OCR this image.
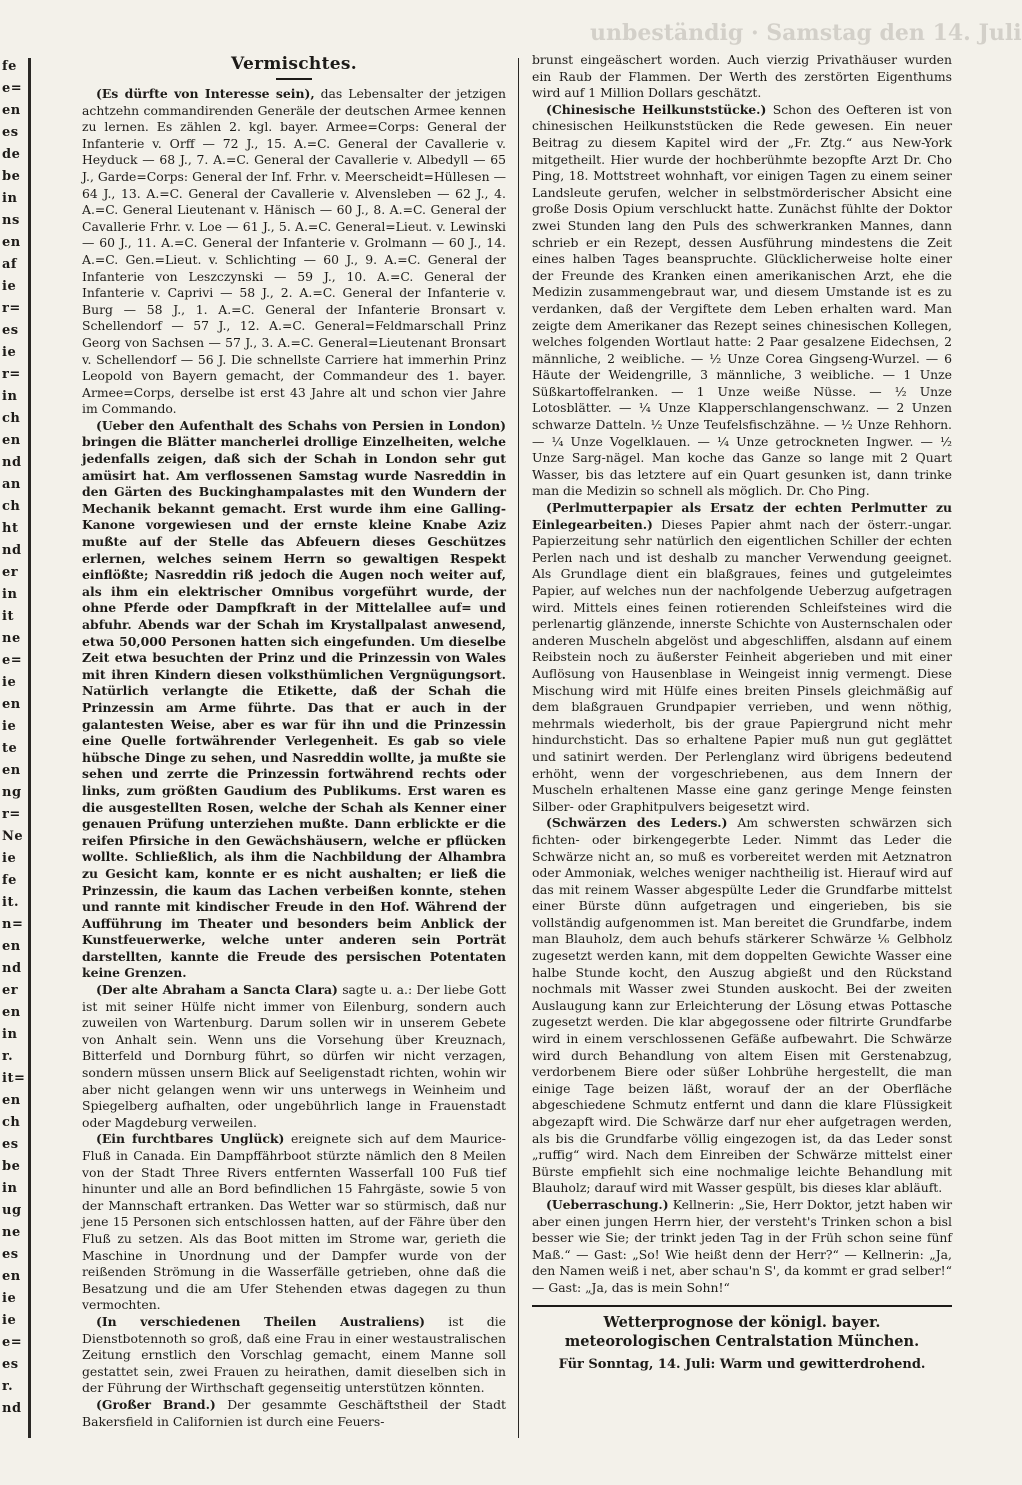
unbeständig · Samstag den 14. Juli
fe
e=
en
es
de
be
in
ns
en
af
ie
r=
es
ie
r=
in
ch
en
nd
an
ch
ht
nd
er
in
it
ne
e=
ie
en
ie
te
en
ng
r=
Ne
ie
fe
it.
n=
en
nd
er
en
in
r.
it=
en
ch
es
be
in
ug
ne
es
en
ie
ie
e=
es
r.
nd
Vermischtes.

(Es dürfte von Interesse sein), das Lebensalter der jetzigen achtzehn commandirenden Generäle der deutschen Armee kennen zu lernen. Es zählen 2. kgl. bayer. Armee=Corps: General der Infanterie v. Orff — 72 J., 15. A.=C. General der Cavallerie v. Heyduck — 68 J., 7. A.=C. General der Cavallerie v. Albedyll — 65 J., Garde=Corps: General der Inf. Frhr. v. Meerscheidt=Hüllesen — 64 J., 13. A.=C. General der Cavallerie v. Alvensleben — 62 J., 4. A.=C. General Lieutenant v. Hänisch — 60 J., 8. A.=C. General der Cavallerie Frhr. v. Loe — 61 J., 5. A.=C. General=Lieut. v. Lewinski — 60 J., 11. A.=C. General der Infanterie v. Grolmann — 60 J., 14. A.=C. Gen.=Lieut. v. Schlichting — 60 J., 9. A.=C. General der Infanterie von Leszczynski — 59 J., 10. A.=C. General der Infanterie v. Caprivi — 58 J., 2. A.=C. General der Infanterie v. Burg — 58 J., 1. A.=C. General der Infanterie Bronsart v. Schellendorf — 57 J., 12. A.=C. General=Feldmarschall Prinz Georg von Sachsen — 57 J., 3. A.=C. General=Lieutenant Bronsart v. Schellendorf — 56 J. Die schnellste Carriere hat immerhin Prinz Leopold von Bayern gemacht, der Commandeur des 1. bayer. Armee=Corps, derselbe ist erst 43 Jahre alt und schon vier Jahre im Commando.

(Ueber den Aufenthalt des Schahs von Persien in London) bringen die Blätter mancherlei drollige Einzelheiten, welche jedenfalls zeigen, daß sich der Schah in London sehr gut amüsirt hat. Am verflossenen Samstag wurde Nasreddin in den Gärten des Buckinghampalastes mit den Wundern der Mechanik bekannt gemacht. Erst wurde ihm eine Galling-Kanone vorgewiesen und der ernste kleine Knabe Aziz mußte auf der Stelle das Abfeuern dieses Geschützes erlernen, welches seinem Herrn so gewaltigen Respekt einflößte; Nasreddin riß jedoch die Augen noch weiter auf, als ihm ein elektrischer Omnibus vorgeführt wurde, der ohne Pferde oder Dampfkraft in der Mittelallee auf= und abfuhr. Abends war der Schah im Krystallpalast anwesend, etwa 50,000 Personen hatten sich eingefunden. Um dieselbe Zeit etwa besuchten der Prinz und die Prinzessin von Wales mit ihren Kindern diesen volksthümlichen Vergnügungsort. Natürlich verlangte die Etikette, daß der Schah die Prinzessin am Arme führte. Das that er auch in der galantesten Weise, aber es war für ihn und die Prinzessin eine Quelle fortwährender Verlegenheit. Es gab so viele hübsche Dinge zu sehen, und Nasreddin wollte, ja mußte sie sehen und zerrte die Prinzessin fortwährend rechts oder links, zum größten Gaudium des Publikums. Erst waren es die ausgestellten Rosen, welche der Schah als Kenner einer genauen Prüfung unterziehen mußte. Dann erblickte er die reifen Pfirsiche in den Gewächshäusern, welche er pflücken wollte. Schließlich, als ihm die Nachbildung der Alhambra zu Gesicht kam, konnte er es nicht aushalten; er ließ die Prinzessin, die kaum das Lachen verbeißen konnte, stehen und rannte mit kindischer Freude in den Hof. Während der Aufführung im Theater und besonders beim Anblick der Kunstfeuerwerke, welche unter anderen sein Porträt darstellten, kannte die Freude des persischen Potentaten keine Grenzen.

(Der alte Abraham a Sancta Clara) sagte u. a.: Der liebe Gott ist mit seiner Hülfe nicht immer von Eilenburg, sondern auch zuweilen von Wartenburg. Darum sollen wir in unserem Gebete von Anhalt sein. Wenn uns die Vorsehung über Kreuznach, Bitterfeld und Dornburg führt, so dürfen wir nicht verzagen, sondern müssen unsern Blick auf Seeligenstadt richten, wohin wir aber nicht gelangen wenn wir uns unterwegs in Weinheim und Spiegelberg aufhalten, oder ungebührlich lange in Frauenstadt oder Magdeburg verweilen.

(Ein furchtbares Unglück) ereignete sich auf dem Maurice-Fluß in Canada. Ein Dampffährboot stürzte nämlich den 8 Meilen von der Stadt Three Rivers entfernten Wasserfall 100 Fuß tief hinunter und alle an Bord befindlichen 15 Fahrgäste, sowie 5 von der Mannschaft ertranken. Das Wetter war so stürmisch, daß nur jene 15 Personen sich entschlossen hatten, auf der Fähre über den Fluß zu setzen. Als das Boot mitten im Strome war, gerieth die Maschine in Unordnung und der Dampfer wurde von der reißenden Strömung in die Wasserfälle getrieben, ohne daß die Besatzung und die am Ufer Stehenden etwas dagegen zu thun vermochten.

(In verschiedenen Theilen Australiens) ist die Dienstbotennoth so groß, daß eine Frau in einer westaustralischen Zeitung ernstlich den Vorschlag gemacht, einem Manne soll gestattet sein, zwei Frauen zu heirathen, damit dieselben sich in der Führung der Wirthschaft gegenseitig unterstützen könnten.

(Großer Brand.) Der gesammte Geschäftstheil der Stadt Bakersfield in Californien ist durch eine Feuers-

brunst eingeäschert worden. Auch vierzig Privathäuser wurden ein Raub der Flammen. Der Werth des zerstörten Eigenthums wird auf 1 Million Dollars geschätzt.

(Chinesische Heilkunststücke.) Schon des Oefteren ist von chinesischen Heilkunststücken die Rede gewesen. Ein neuer Beitrag zu diesem Kapitel wird der „Fr. Ztg.“ aus New-York mitgetheilt. Hier wurde der hochberühmte bezopfte Arzt Dr. Cho Ping, 18. Mottstreet wohnhaft, vor einigen Tagen zu einem seiner Landsleute gerufen, welcher in selbstmörderischer Absicht eine große Dosis Opium verschluckt hatte. Zunächst fühlte der Doktor zwei Stunden lang den Puls des schwerkranken Mannes, dann schrieb er ein Rezept, dessen Ausführung mindestens die Zeit eines halben Tages beanspruchte. Glücklicherweise holte einer der Freunde des Kranken einen amerikanischen Arzt, ehe die Medizin zusammengebraut war, und diesem Umstande ist es zu verdanken, daß der Vergiftete dem Leben erhalten ward. Man zeigte dem Amerikaner das Rezept seines chinesischen Kollegen, welches folgenden Wortlaut hatte: 2 Paar gesalzene Eidechsen, 2 männliche, 2 weibliche. — ½ Unze Corea Gingseng-Wurzel. — 6 Häute der Weidengrille, 3 männliche, 3 weibliche. — 1 Unze Süßkartoffelranken. — 1 Unze weiße Nüsse. — ½ Unze Lotosblätter. — ¼ Unze Klapperschlangenschwanz. — 2 Unzen schwarze Datteln. ½ Unze Teufelsfischzähne. — ½ Unze Rehhorn. — ¼ Unze Vogelklauen. — ¼ Unze getrockneten Ingwer. — ½ Unze Sarg-nägel. Man koche das Ganze so lange mit 2 Quart Wasser, bis das letztere auf ein Quart gesunken ist, dann trinke man die Medizin so schnell als möglich. Dr. Cho Ping.

(Perlmutterpapier als Ersatz der echten Perlmutter zu Einlegearbeiten.) Dieses Papier ahmt nach der österr.-ungar. Papierzeitung sehr natürlich den eigentlichen Schiller der echten Perlen nach und ist deshalb zu mancher Verwendung geeignet. Als Grundlage dient ein blaßgraues, feines und gutgeleimtes Papier, auf welches nun der nachfolgende Ueberzug aufgetragen wird. Mittels eines feinen rotierenden Schleifsteines wird die perlenartig glänzende, innerste Schichte von Austernschalen oder anderen Muscheln abgelöst und abgeschliffen, alsdann auf einem Reibstein noch zu äußerster Feinheit abgerieben und mit einer Auflösung von Hausenblase in Weingeist innig vermengt. Diese Mischung wird mit Hülfe eines breiten Pinsels gleichmäßig auf dem blaßgrauen Grundpapier verrieben, und wenn nöthig, mehrmals wiederholt, bis der graue Papiergrund nicht mehr hindurchsticht. Das so erhaltene Papier muß nun gut geglättet und satinirt werden. Der Perlenglanz wird übrigens bedeutend erhöht, wenn der vorgeschriebenen, aus dem Innern der Muscheln erhaltenen Masse eine ganz geringe Menge feinsten Silber- oder Graphitpulvers beigesetzt wird.

(Schwärzen des Leders.) Am schwersten schwärzen sich fichten- oder birkengegerbte Leder. Nimmt das Leder die Schwärze nicht an, so muß es vorbereitet werden mit Aetznatron oder Ammoniak, welches weniger nachtheilig ist. Hierauf wird auf das mit reinem Wasser abgespülte Leder die Grundfarbe mittelst einer Bürste dünn aufgetragen und eingerieben, bis sie vollständig aufgenommen ist. Man bereitet die Grundfarbe, indem man Blauholz, dem auch behufs stärkerer Schwärze ⅙ Gelbholz zugesetzt werden kann, mit dem doppelten Gewichte Wasser eine halbe Stunde kocht, den Auszug abgießt und den Rückstand nochmals mit Wasser zwei Stunden auskocht. Bei der zweiten Auslaugung kann zur Erleichterung der Lösung etwas Pottasche zugesetzt werden. Die klar abgegossene oder filtrirte Grundfarbe wird in einem verschlossenen Gefäße aufbewahrt. Die Schwärze wird durch Behandlung von altem Eisen mit Gerstenabzug, verdorbenem Biere oder süßer Lohbrühe hergestellt, die man einige Tage beizen läßt, worauf der an der Oberfläche abgeschiedene Schmutz entfernt und dann die klare Flüssigkeit abgezapft wird. Die Schwärze darf nur eher aufgetragen werden, als bis die Grundfarbe völlig eingezogen ist, da das Leder sonst „ruffig“ wird. Nach dem Einreiben der Schwärze mittelst einer Bürste empfiehlt sich eine nochmalige leichte Behandlung mit Blauholz; darauf wird mit Wasser gespült, bis dieses klar abläuft.

(Ueberraschung.) Kellnerin: „Sie, Herr Doktor, jetzt haben wir aber einen jungen Herrn hier, der versteht's Trinken schon a bisl besser wie Sie; der trinkt jeden Tag in der Früh schon seine fünf Maß.“ — Gast: „So! Wie heißt denn der Herr?“ — Kellnerin: „Ja, den Namen weiß i net, aber schau'n S', da kommt er grad selber!“ — Gast: „Ja, das is mein Sohn!“

Wetterprognose der königl. bayer. meteorologischen Centralstation München.
Für Sonntag, 14. Juli: Warm und gewitterdrohend.
